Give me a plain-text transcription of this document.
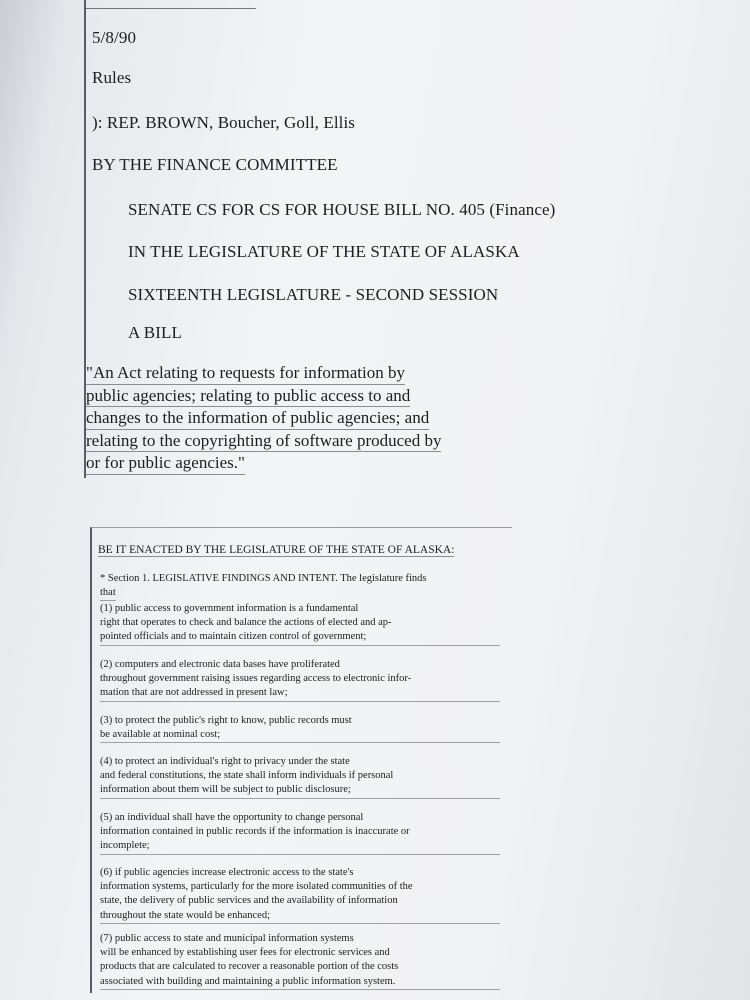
5/8/90
Rules
): REP. BROWN, Boucher, Goll, Ellis
BY THE FINANCE COMMITTEE
SENATE CS FOR CS FOR HOUSE BILL NO. 405 (Finance)
IN THE LEGISLATURE OF THE STATE OF ALASKA
SIXTEENTH LEGISLATURE - SECOND SESSION
A BILL

"An Act relating to requests for information by

public agencies; relating to public access to and

changes to the information of public agencies; and

relating to the copyrighting of software produced by

or for public agencies."

BE IT ENACTED BY THE LEGISLATURE OF THE STATE OF ALASKA:
* Section 1. LEGISLATIVE FINDINGS AND INTENT. The legislature finds
that
(1) public access to government information is a fundamental
right that operates to check and balance the actions of elected and ap-
pointed officials and to maintain citizen control of government;
(2) computers and electronic data bases have proliferated
throughout government raising issues regarding access to electronic infor-
mation that are not addressed in present law;
(3) to protect the public's right to know, public records must
be available at nominal cost;
(4) to protect an individual's right to privacy under the state
and federal constitutions, the state shall inform individuals if personal
information about them will be subject to public disclosure;
(5) an individual shall have the opportunity to change personal
information contained in public records if the information is inaccurate or
incomplete;
(6) if public agencies increase electronic access to the state's
information systems, particularly for the more isolated communities of the
state, the delivery of public services and the availability of information
throughout the state would be enhanced;
(7) public access to state and municipal information systems
will be enhanced by establishing user fees for electronic services and
products that are calculated to recover a reasonable portion of the costs
associated with building and maintaining a public information system.
